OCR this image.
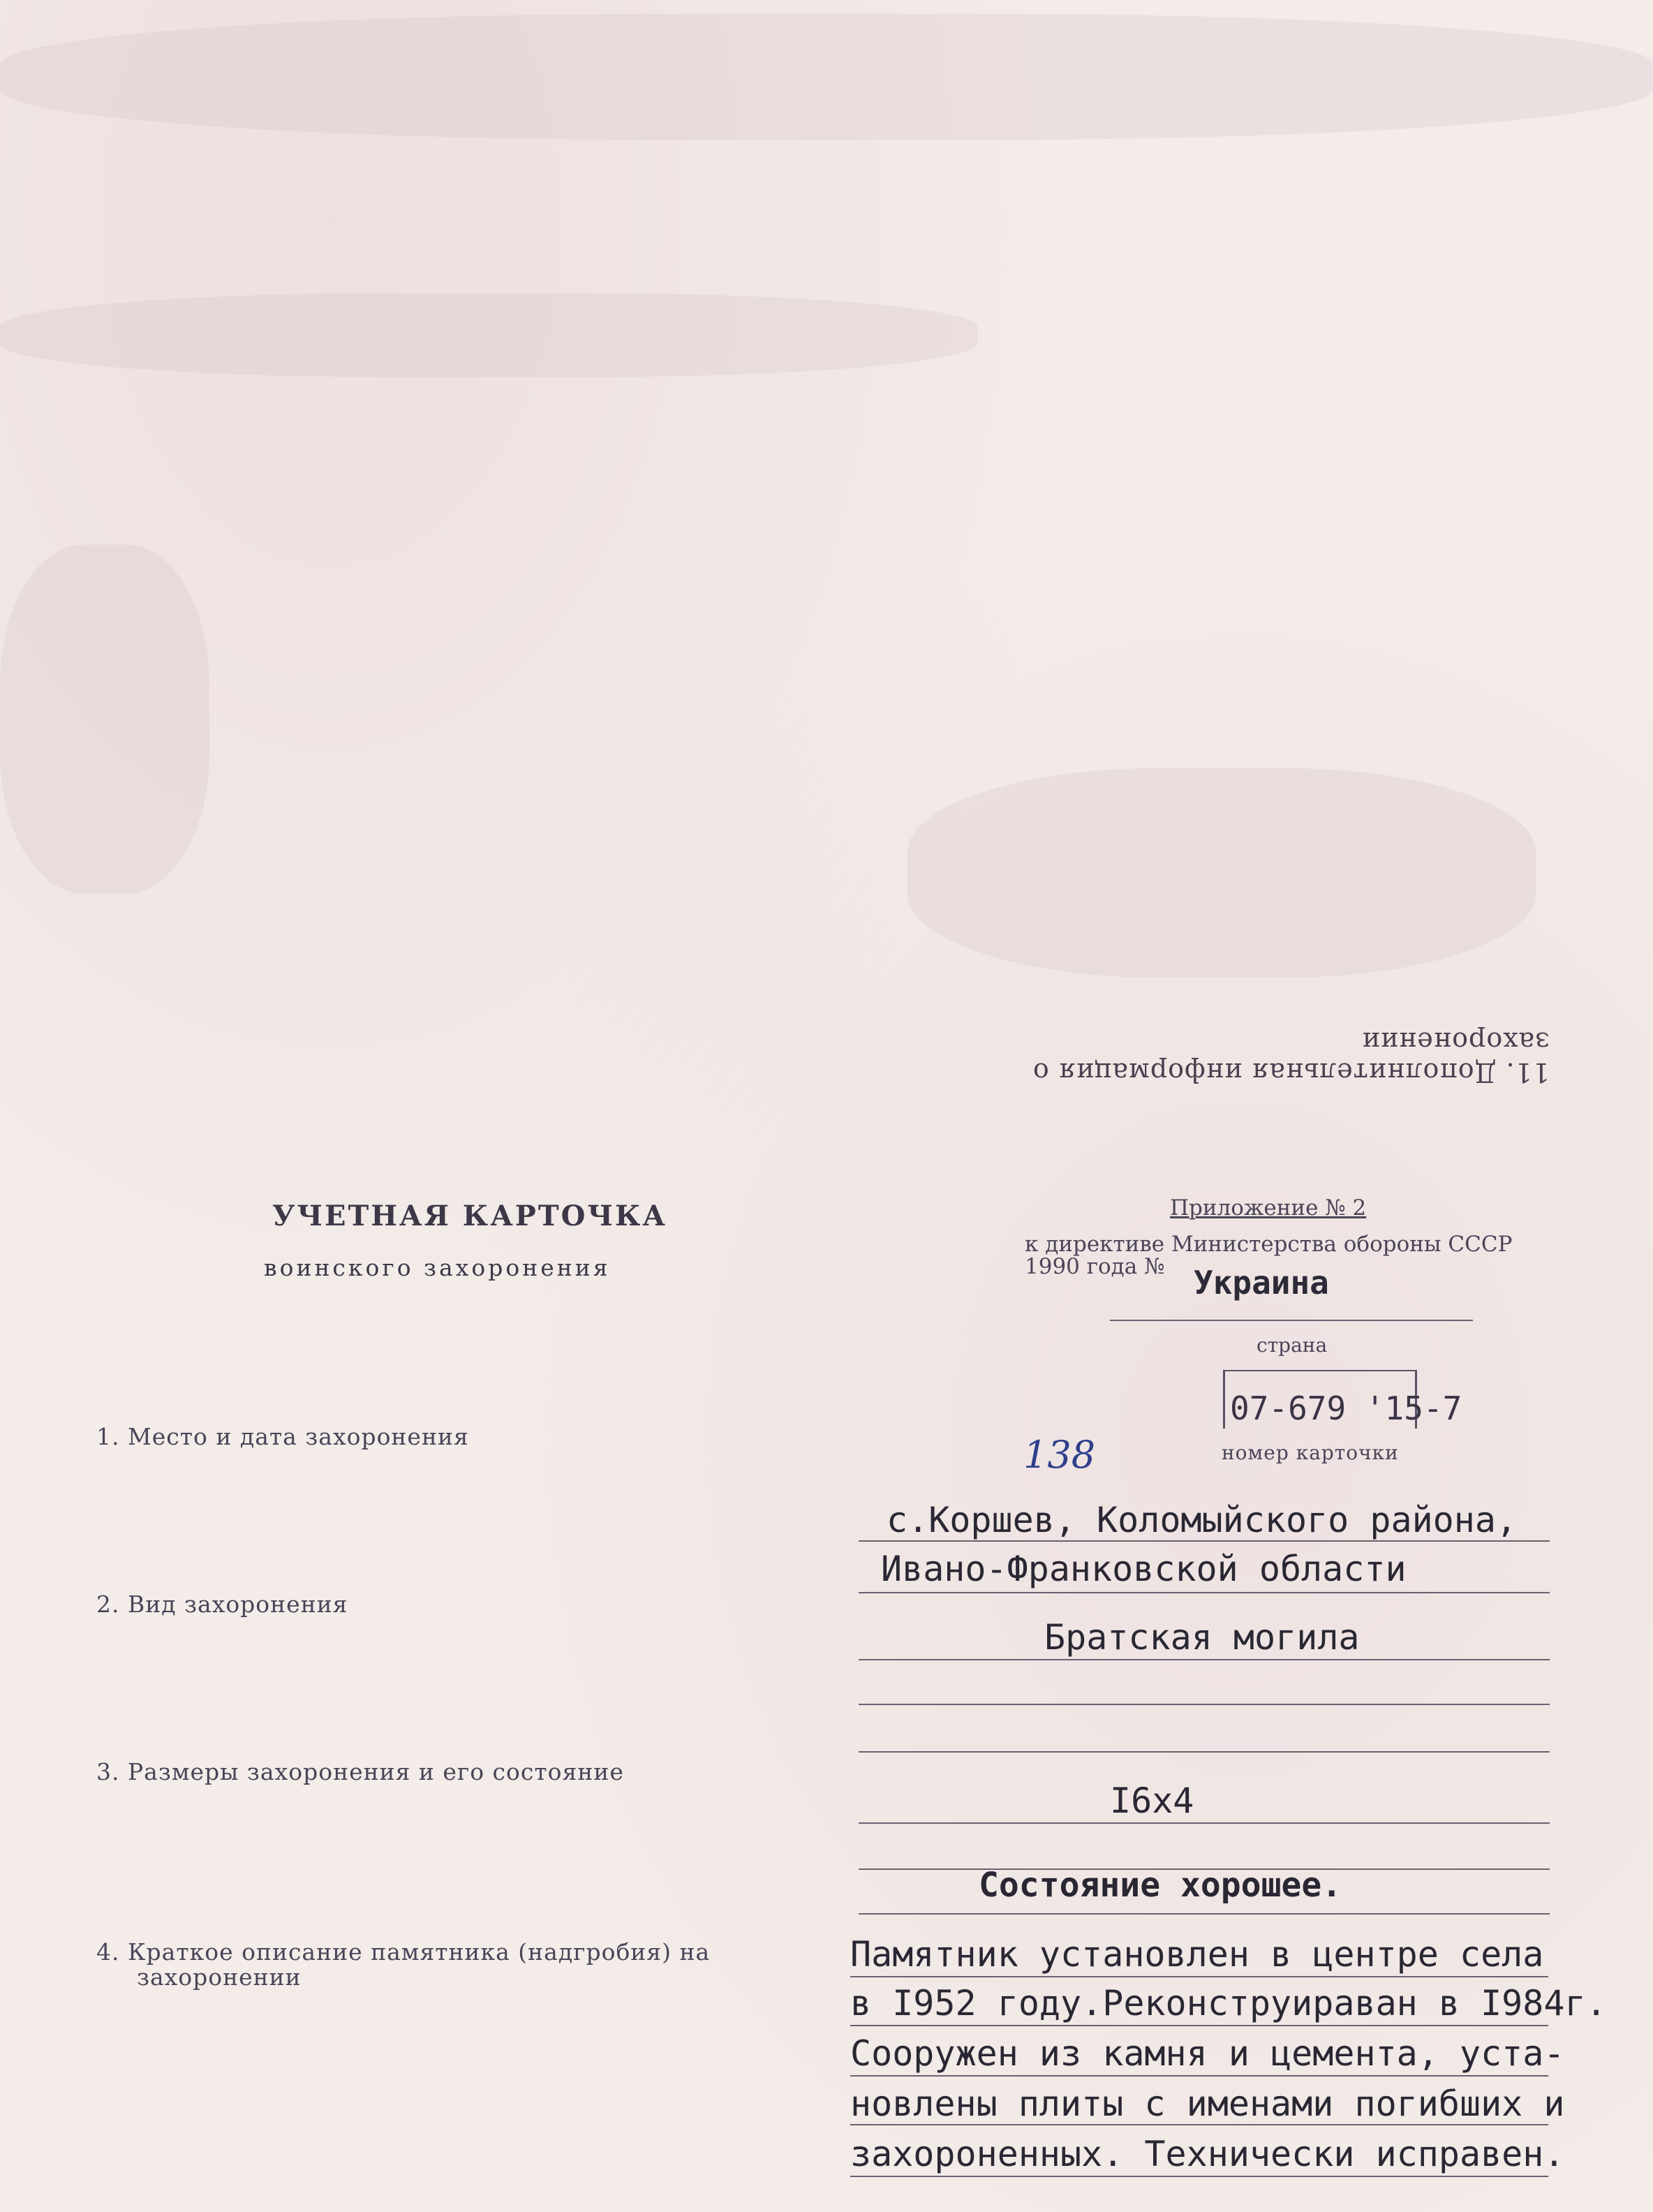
11. Дополнительная информация о захоронении
УЧЕТНАЯ КАРТОЧКА
воинского захоронения
Приложение № 2
к директиве Министерства обороны СССР
1990 года № Украина
страна
07-679 '15-7
номер карточки
138
1. Место и дата захоронения
с.Коршев, Коломыйского района,
Ивано-Франковской области
2. Вид захоронения
Братская могила
3. Размеры захоронения и его состояние
I6x4
Состояние хорошее.
4. Краткое описание памятника (надгробия) на
захоронении
Памятник установлен в центре села
в I952 году.Реконструираван в I984г.
Сооружен из камня и цемента, уста-
новлены плиты с именами погибших и
захороненных. Технически исправен.
